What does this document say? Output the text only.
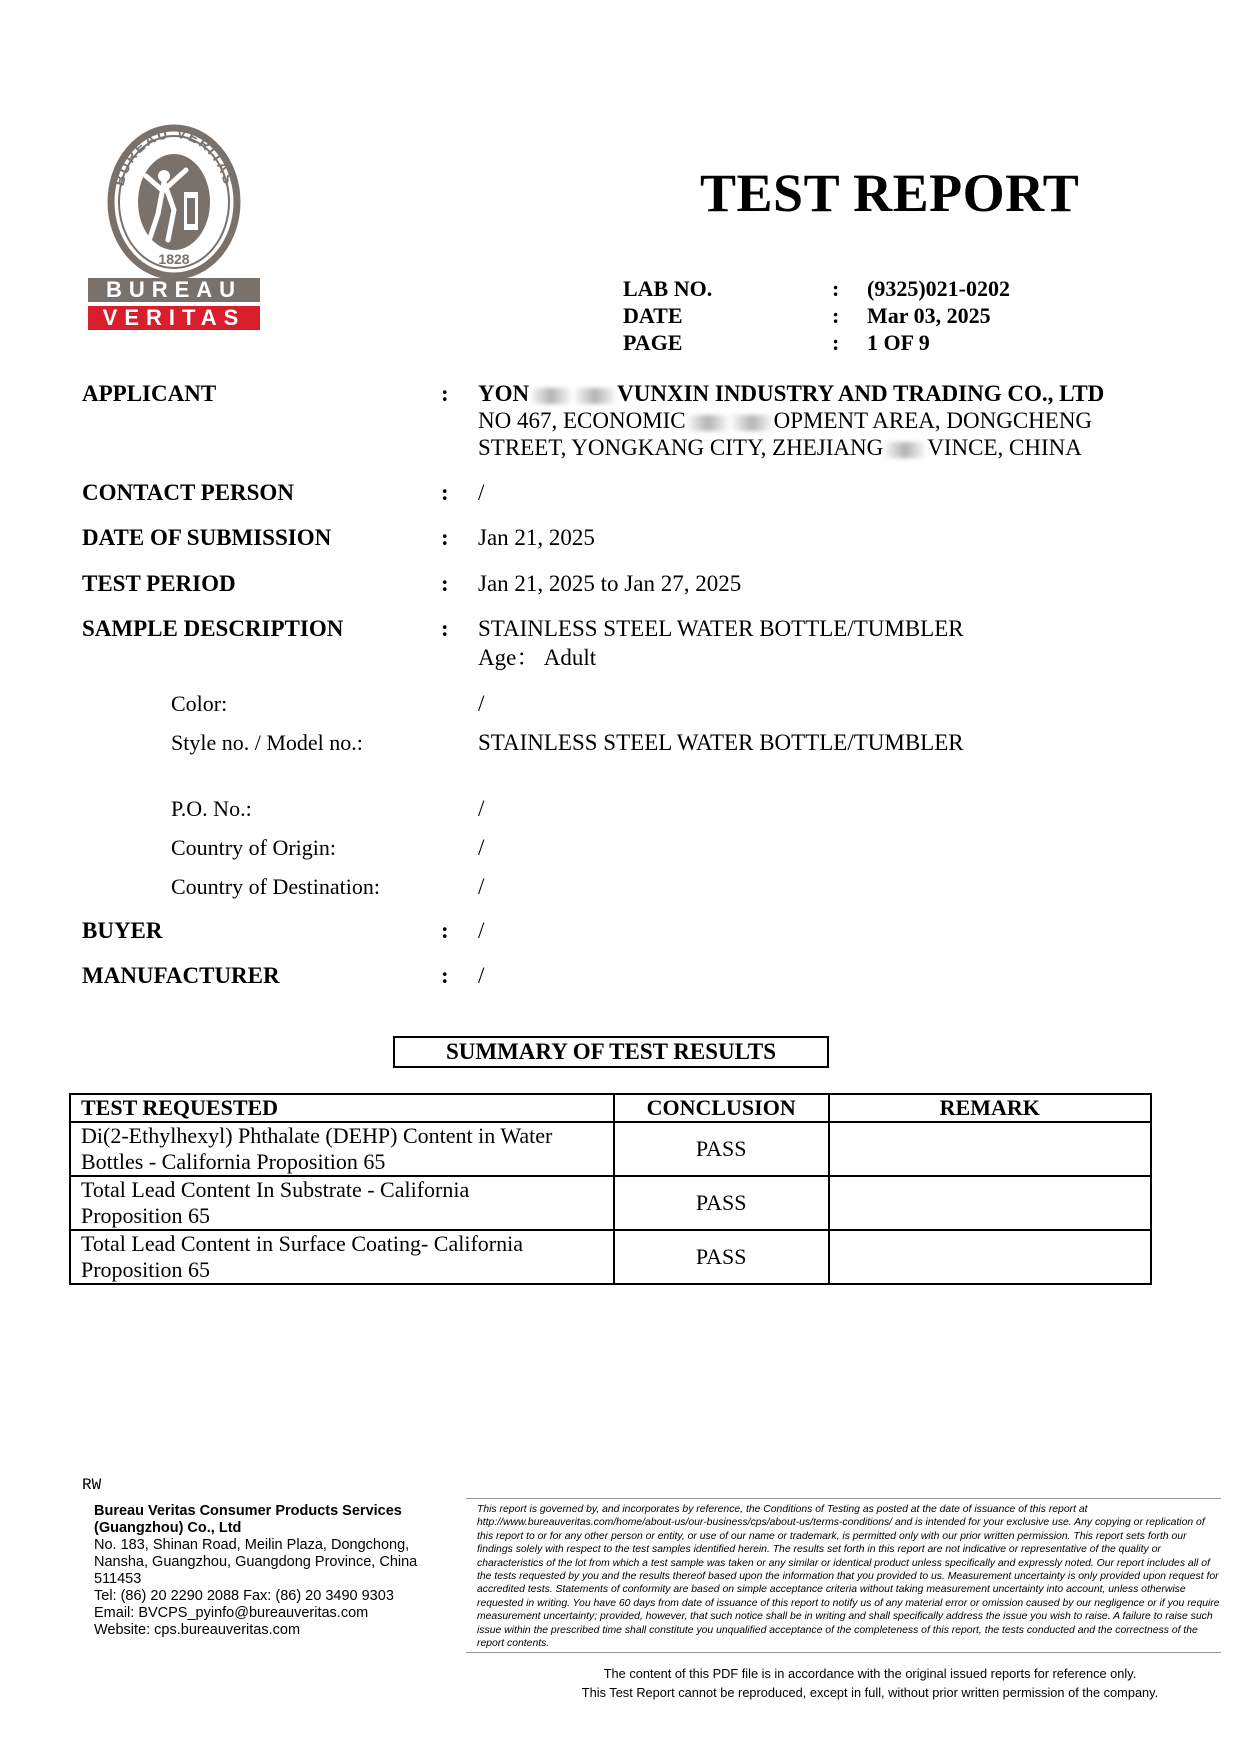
BUREAU VERITAS
1828
BUREAU
VERITAS
TEST REPORT
LAB NO.	: (9325)021-0202
DATE	: Mar 03, 2025
PAGE	: 1 OF 9
APPLICANT	: YON	VUNXIN INDUSTRY AND TRADING CO., LTD
NO 467, ECONOMIC	OPMENT AREA, DONGCHENG
STREET, YONGKANG CITY, ZHEJIANG VINCE, CHINA
CONTACT PERSON	: /
DATE OF SUBMISSION	: Jan 21, 2025
TEST PERIOD	: Jan 21, 2025 to Jan 27, 2025
SAMPLE DESCRIPTION	: STAINLESS STEEL WATER BOTTLE/TUMBLER
Age： Adult
Color:	/
Style no. / Model no.:	STAINLESS STEEL WATER BOTTLE/TUMBLER
P.O. No.:	/
Country of Origin:	/
Country of Destination:	/
BUYER	: /
MANUFACTURER	: /
SUMMARY OF TEST RESULTS
TEST REQUESTED	CONCLUSION	REMARK

Di(2-Ethylhexyl) Phthalate (DEHP) Content in Water
Bottles - California Proposition 65	PASS	

Total Lead Content In Substrate - California
Proposition 65	PASS	

Total Lead Content in Surface Coating- California
Proposition 65	PASS	
RW
Bureau Veritas Consumer Products Services
(Guangzhou) Co., Ltd
No. 183, Shinan Road, Meilin Plaza, Dongchong,
Nansha, Guangzhou, Guangdong Province, China
511453
Tel: (86) 20 2290 2088 Fax: (86) 20 3490 9303
Email: BVCPS_pyinfo@bureauveritas.com
Website: cps.bureauveritas.com
This report is governed by, and incorporates by reference, the Conditions of Testing as posted at the date of issuance of this report at http://www.bureauveritas.com/home/about-us/our-business/cps/about-us/terms-conditions/ and is intended for your exclusive use. Any copying or replication of this report to or for any other person or entity, or use of our name or trademark, is permitted only with our prior written permission. This report sets forth our findings solely with respect to the test samples identified herein. The results set forth in this report are not indicative or representative of the quality or characteristics of the lot from which a test sample was taken or any similar or identical product unless specifically and expressly noted. Our report includes all of the tests requested by you and the results thereof based upon the information that you provided to us. Measurement uncertainty is only provided upon request for accredited tests. Statements of conformity are based on simple acceptance criteria without taking measurement uncertainty into account, unless otherwise requested in writing. You have 60 days from date of issuance of this report to notify us of any material error or omission caused by our negligence or if you require measurement uncertainty; provided, however, that such notice shall be in writing and shall specifically address the issue you wish to raise. A failure to raise such issue within the prescribed time shall constitute you unqualified acceptance of the completeness of this report, the tests conducted and the correctness of the report contents.
The content of this PDF file is in accordance with the original issued reports for reference only.
This Test Report cannot be reproduced, except in full, without prior written permission of the company.
